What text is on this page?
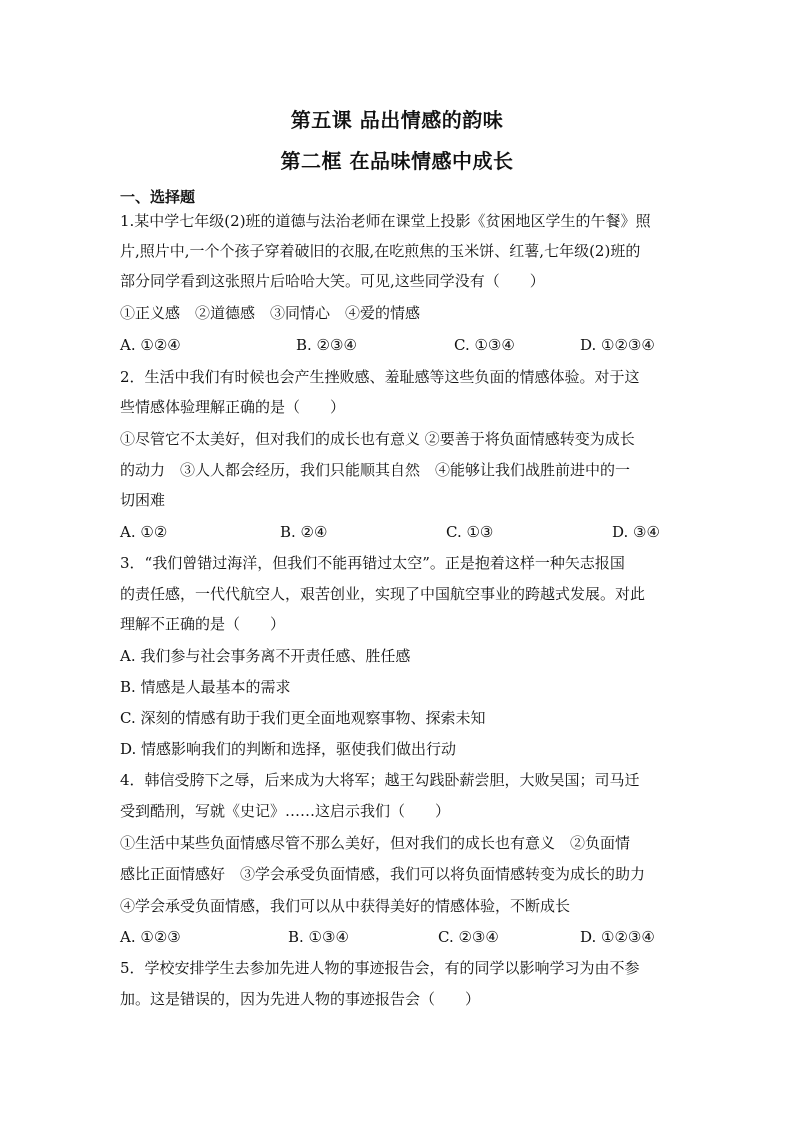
第五课 品出情感的韵味
第二框 在品味情感中成长
一、选择题
1.某中学七年级(2)班的道德与法治老师在课堂上投影《贫困地区学生的午餐》照
片,照片中,一个个孩子穿着破旧的衣服,在吃煎焦的玉米饼、红薯,七年级(2)班的
部分同学看到这张照片后哈哈大笑。可见,这些同学没有（　　）
①正义感　②道德感　③同情心　④爱的情感
A. ①②④	B. ②③④	C. ①③④	D. ①②③④
2．生活中我们有时候也会产生挫败感、羞耻感等这些负面的情感体验。对于这
些情感体验理解正确的是（　　）
①尽管它不太美好，但对我们的成长也有意义 ②要善于将负面情感转变为成长
的动力　③人人都会经历，我们只能顺其自然　④能够让我们战胜前进中的一
切困难
A. ①②	B. ②④	C. ①③	D. ③④
3．“我们曾错过海洋，但我们不能再错过太空”。正是抱着这样一种矢志报国
的责任感，一代代航空人，艰苦创业，实现了中国航空事业的跨越式发展。对此
理解不正确的是（　　）
A. 我们参与社会事务离不开责任感、胜任感
B. 情感是人最基本的需求
C. 深刻的情感有助于我们更全面地观察事物、探索未知
D. 情感影响我们的判断和选择，驱使我们做出行动
4．韩信受胯下之辱，后来成为大将军；越王勾践卧薪尝胆，大败吴国；司马迁
受到酷刑，写就《史记》……这启示我们（　　）
①生活中某些负面情感尽管不那么美好，但对我们的成长也有意义　②负面情
感比正面情感好　③学会承受负面情感，我们可以将负面情感转变为成长的助力
④学会承受负面情感，我们可以从中获得美好的情感体验，不断成长
A. ①②③	B. ①③④	C. ②③④	D. ①②③④
5．学校安排学生去参加先进人物的事迹报告会，有的同学以影响学习为由不参
加。这是错误的，因为先进人物的事迹报告会（　　）
